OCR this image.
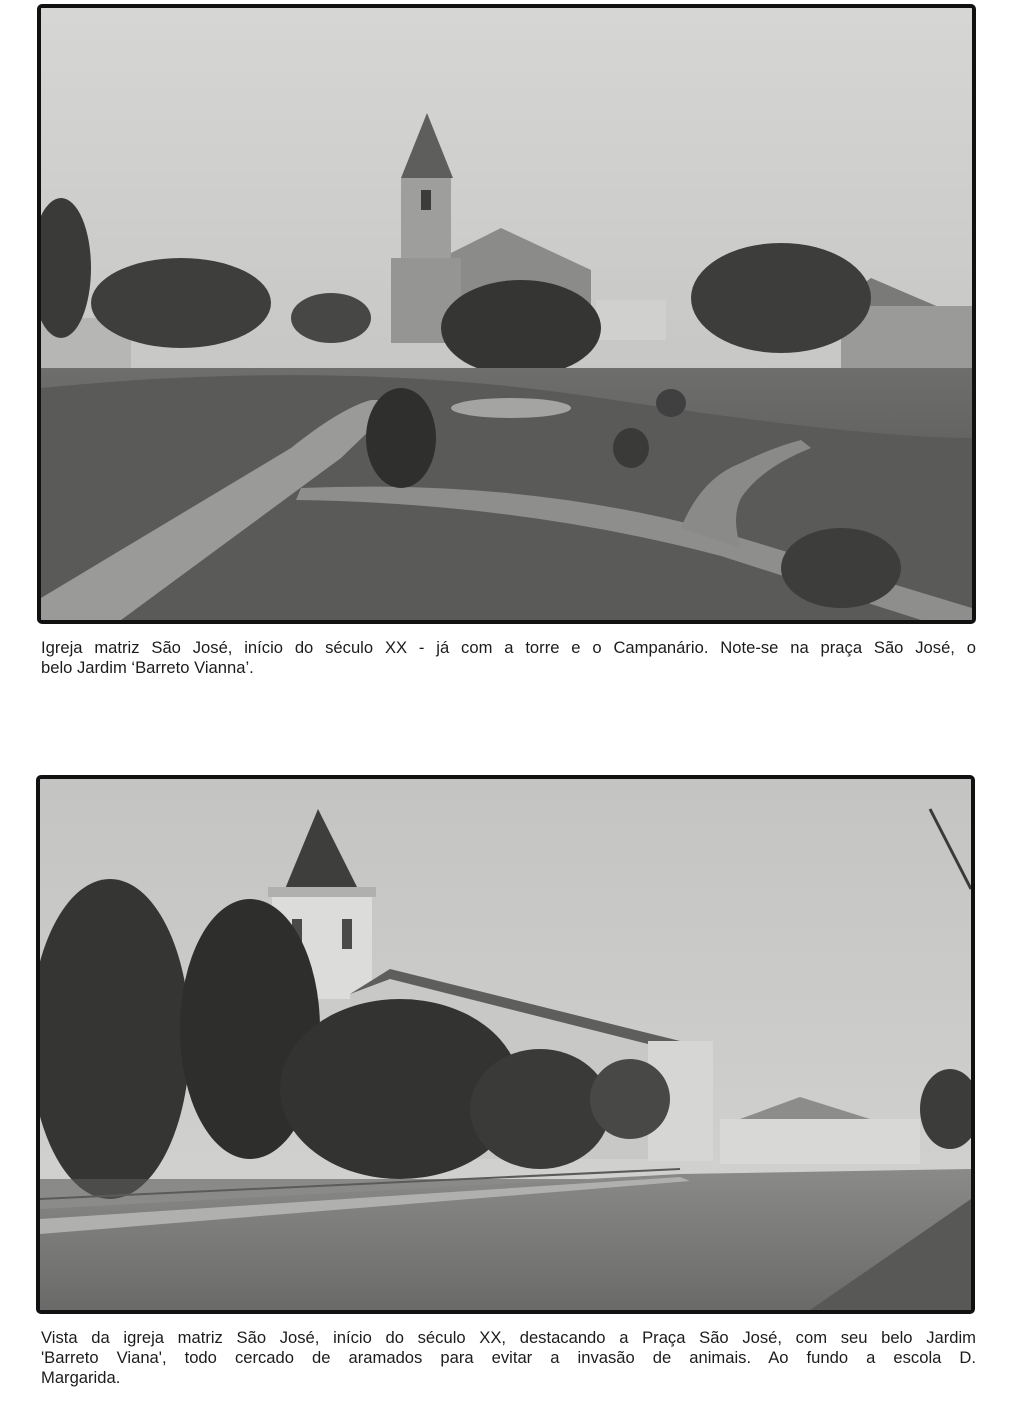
Igreja matriz São José, início do século XX - já com a torre e o Campanário. Note-se na praça São José, o
belo Jardim ‘Barreto Vianna’.
Vista da igreja matriz São José, início do século XX, destacando a Praça São José, com seu belo Jardim
'Barreto Viana', todo cercado de aramados para evitar a invasão de animais. Ao fundo a escola D.
Margarida.
